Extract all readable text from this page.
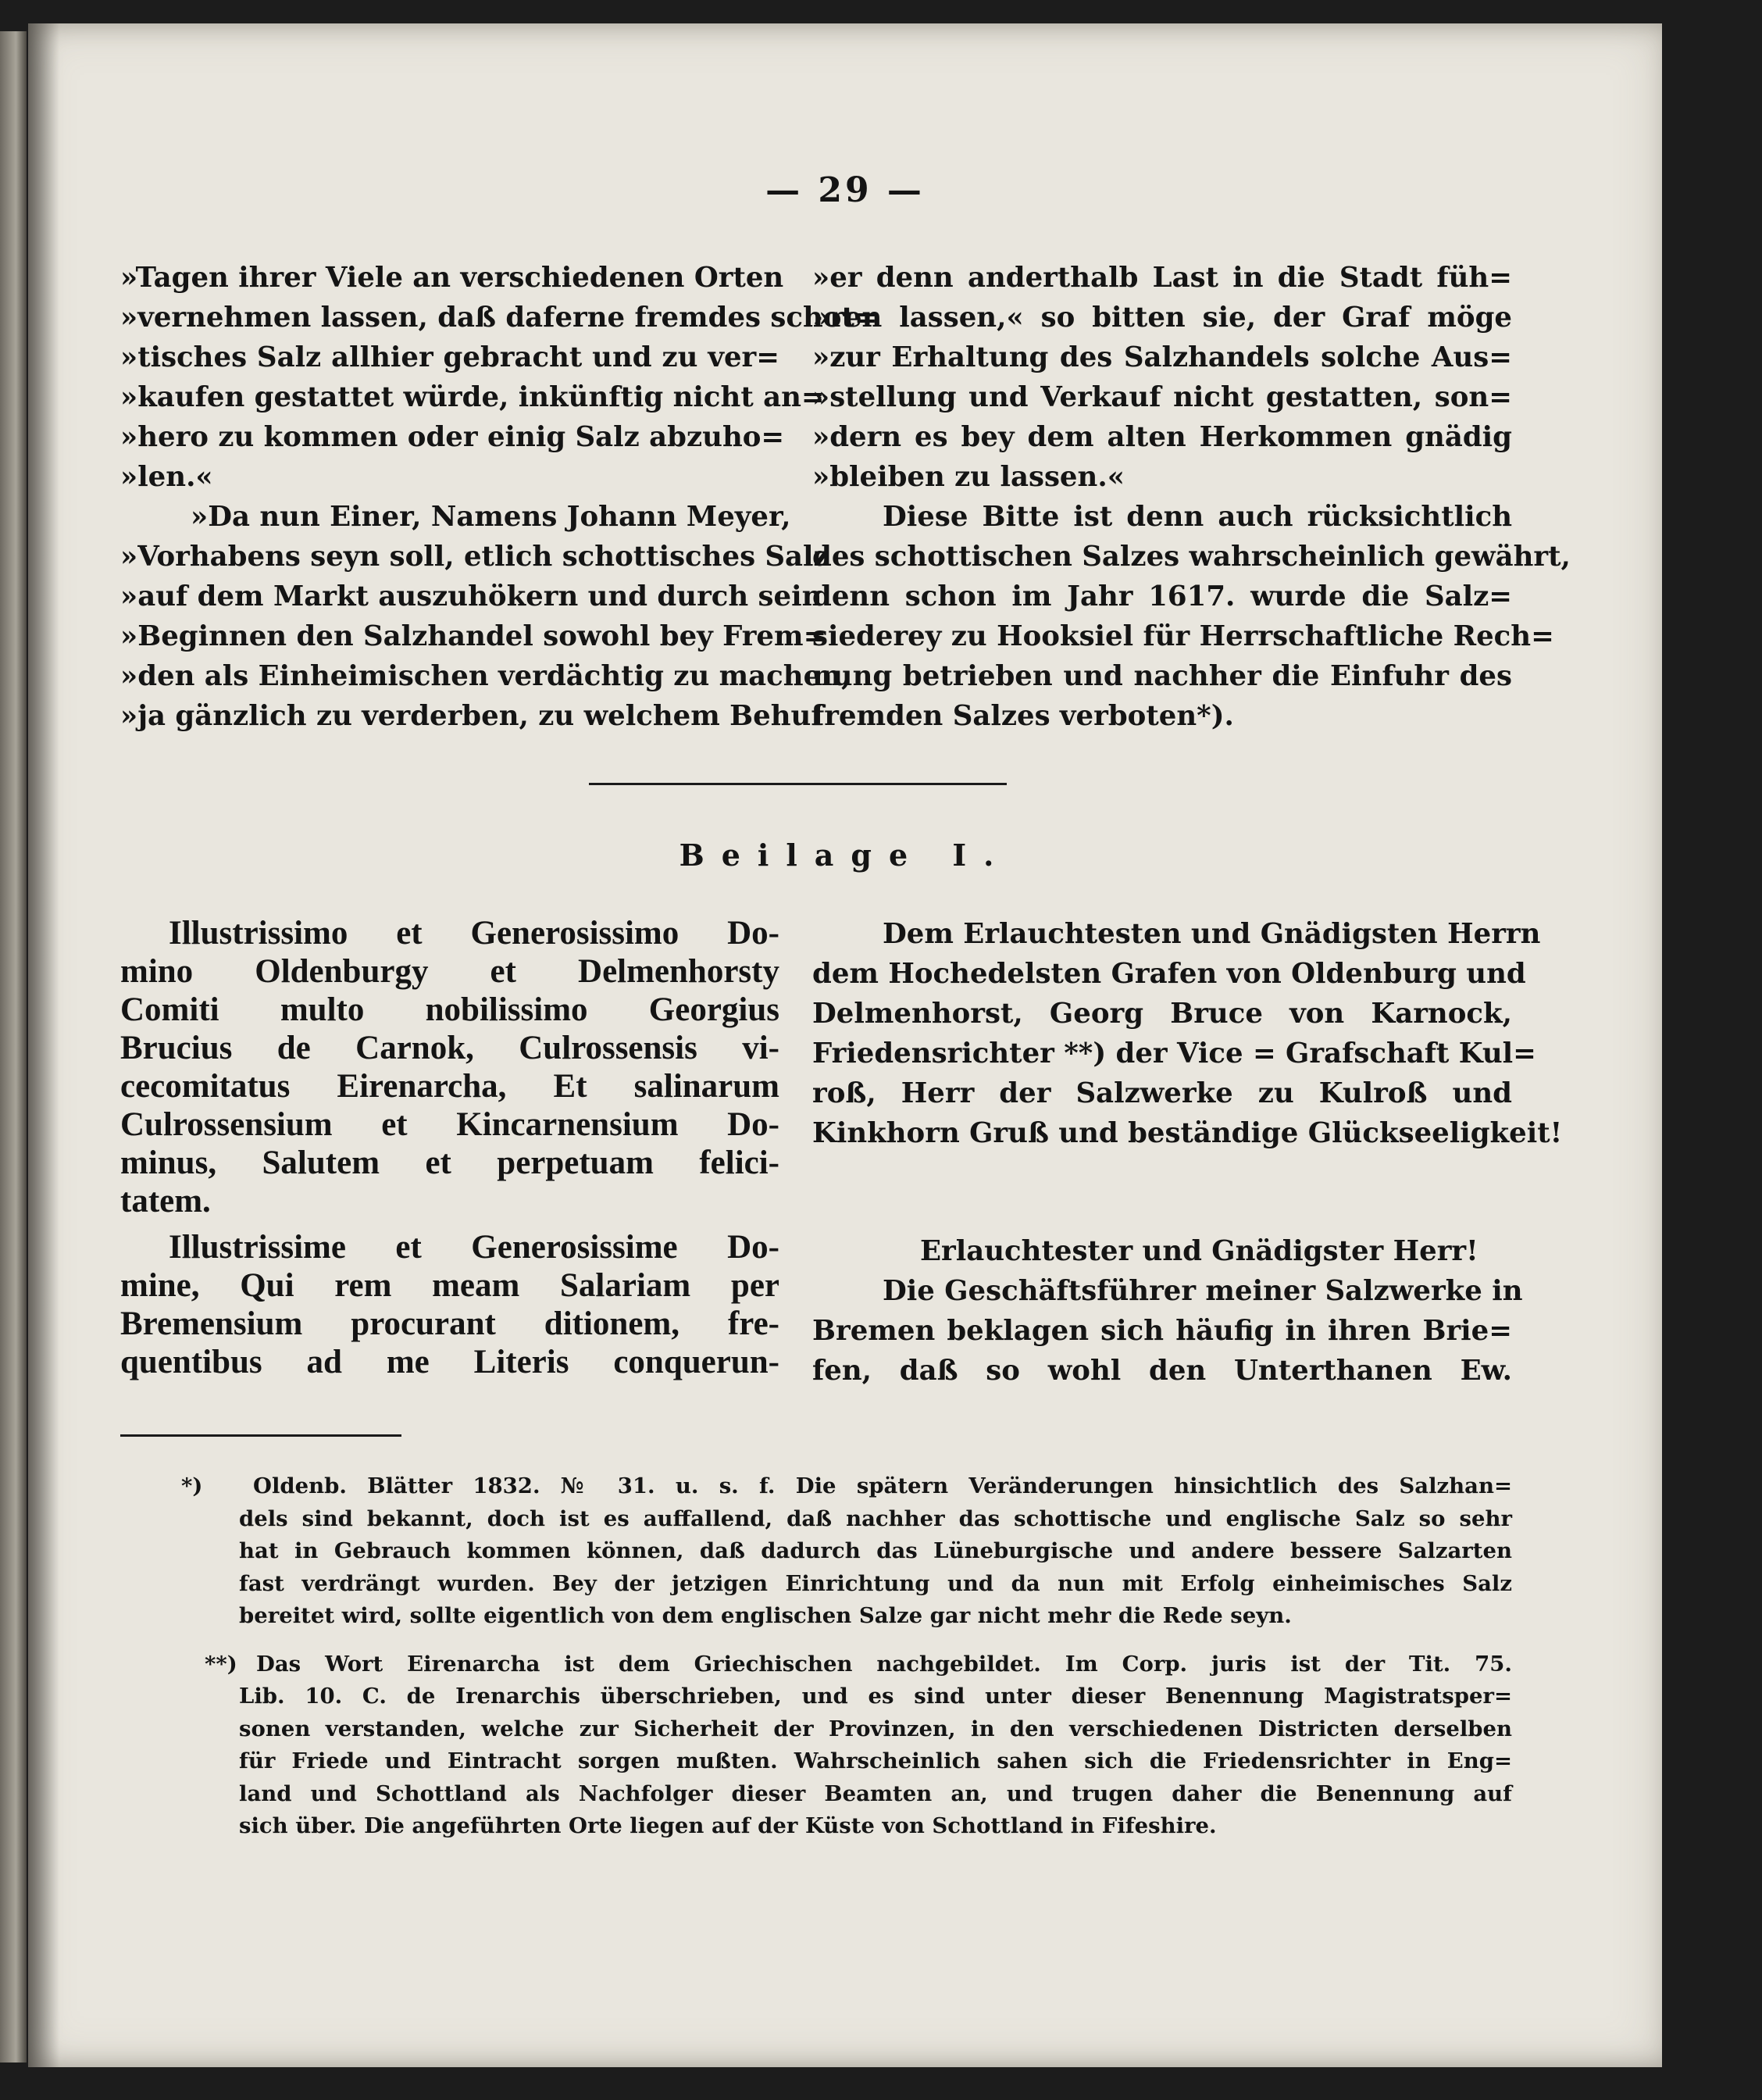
— 29 —
»Tagen ihrer Viele an verschiedenen Orten
»vernehmen lassen, daß daferne fremdes schot=
»tisches Salz allhier gebracht und zu ver=
»kaufen gestattet würde, inkünftig nicht an=
»hero zu kommen oder einig Salz abzuho=
»len.«
»Da nun Einer, Namens Johann Meyer,
»Vorhabens seyn soll, etlich schottisches Salz
»auf dem Markt auszuhökern und durch sein
»Beginnen den Salzhandel sowohl bey Frem=
»den als Einheimischen verdächtig zu machen,
»ja gänzlich zu verderben, zu welchem Behuf
»er denn anderthalb Last in die Stadt füh=
»ren lassen,« so bitten sie, der Graf möge
»zur Erhaltung des Salzhandels solche Aus=
»stellung und Verkauf nicht gestatten, son=
»dern es bey dem alten Herkommen gnädig
»bleiben zu lassen.«
Diese Bitte ist denn auch rücksichtlich
des schottischen Salzes wahrscheinlich gewährt,
denn schon im Jahr 1617. wurde die Salz=
siederey zu Hooksiel für Herrschaftliche Rech=
nung betrieben und nachher die Einfuhr des
fremden Salzes verboten*).
Beilage I.
Illustrissimo et Generosissimo Do-
mino Oldenburgy et Delmenhorsty
Comiti multo nobilissimo Georgius
Brucius de Carnok, Culrossensis vi-
cecomitatus Eirenarcha, Et salinarum
Culrossensium et Kincarnensium Do-
minus, Salutem et perpetuam felici-
tatem.
Illustrissime et Generosissime Do-
mine, Qui rem meam Salariam per
Bremensium procurant ditionem, fre-
quentibus ad me Literis conquerun-
Dem Erlauchtesten und Gnädigsten Herrn
dem Hochedelsten Grafen von Oldenburg und
Delmenhorst, Georg Bruce von Karnock,
Friedensrichter **) der Vice = Grafschaft Kul=
roß, Herr der Salzwerke zu Kulroß und
Kinkhorn Gruß und beständige Glückseeligkeit!
Erlauchtester und Gnädigster Herr!
Die Geschäftsführer meiner Salzwerke in
Bremen beklagen sich häufig in ihren Brie=
fen, daß so wohl den Unterthanen Ew.
*)	Oldenb. Blätter 1832. № 31. u. s. f. Die spätern Veränderungen hinsichtlich des Salzhan=
dels sind bekannt, doch ist es auffallend, daß nachher das schottische und englische Salz so sehr
hat in Gebrauch kommen können, daß dadurch das Lüneburgische und andere bessere Salzarten
fast verdrängt wurden. Bey der jetzigen Einrichtung und da nun mit Erfolg einheimisches Salz
bereitet wird, sollte eigentlich von dem englischen Salze gar nicht mehr die Rede seyn.
**) Das Wort Eirenarcha ist dem Griechischen nachgebildet. Im Corp. juris ist der Tit. 75.
Lib. 10. C. de Irenarchis überschrieben, und es sind unter dieser Benennung Magistratsper=
sonen verstanden, welche zur Sicherheit der Provinzen, in den verschiedenen Districten derselben
für Friede und Eintracht sorgen mußten. Wahrscheinlich sahen sich die Friedensrichter in Eng=
land und Schottland als Nachfolger dieser Beamten an, und trugen daher die Benennung auf
sich über. Die angeführten Orte liegen auf der Küste von Schottland in Fifeshire.
